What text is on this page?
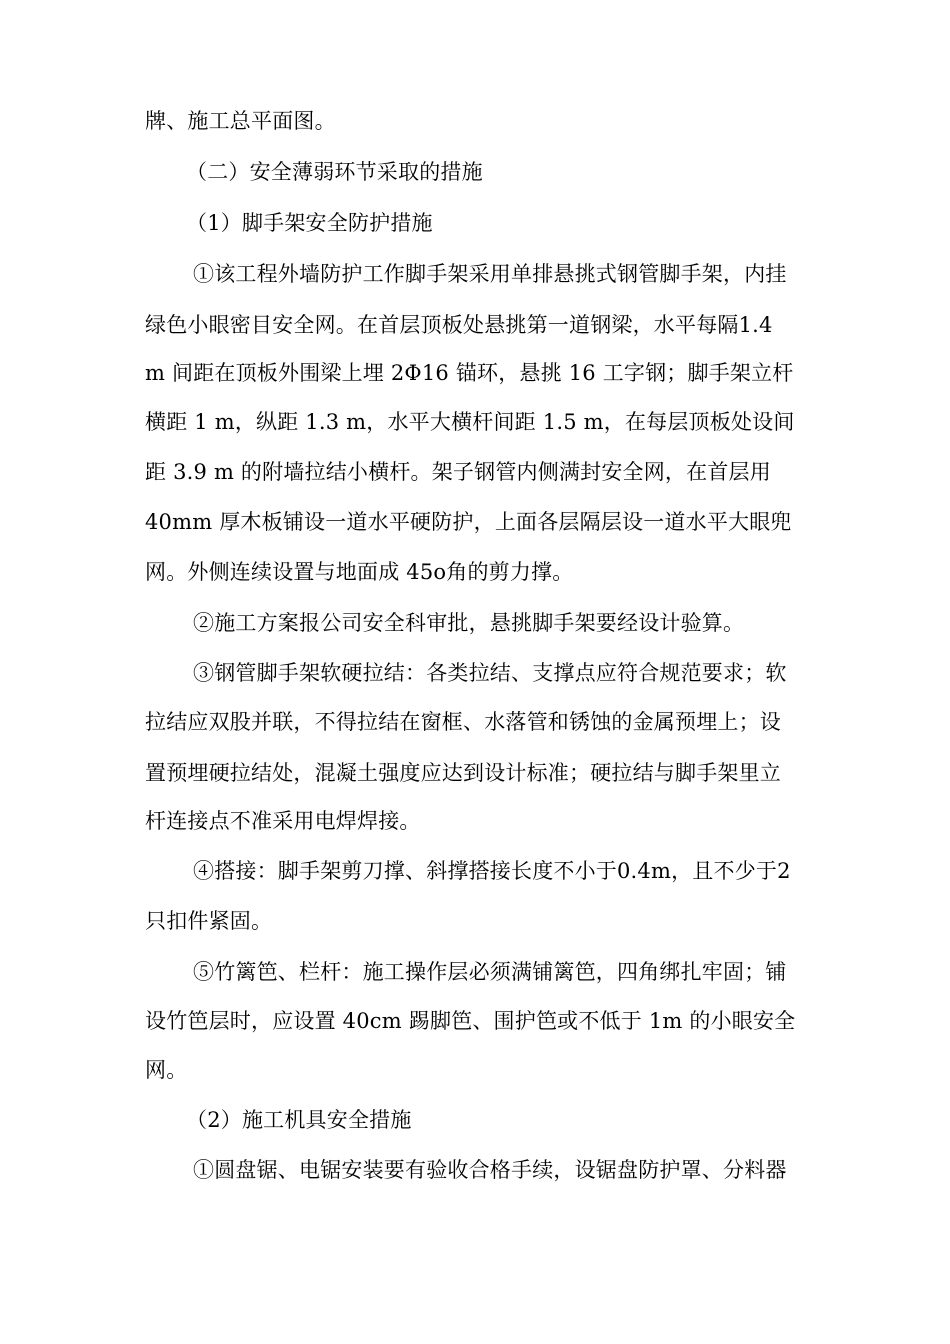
牌、施工总平面图。
（二）安全薄弱环节采取的措施
（1）脚手架安全防护措施
①该工程外墙防护工作脚手架采用单排悬挑式钢管脚手架，内挂
绿色小眼密目安全网。在首层顶板处悬挑第一道钢梁，水平每隔1.4
m 间距在顶板外围梁上埋 2Φ16 锚环，悬挑 16 工字钢；脚手架立杆
横距 1 m，纵距 1.3 m，水平大横杆间距 1.5 m，在每层顶板处设间
距 3.9 m 的附墙拉结小横杆。架子钢管内侧满封安全网，在首层用
40mm 厚木板铺设一道水平硬防护，上面各层隔层设一道水平大眼兜
网。外侧连续设置与地面成 45o角的剪力撑。
②施工方案报公司安全科审批，悬挑脚手架要经设计验算。
③钢管脚手架软硬拉结：各类拉结、支撑点应符合规范要求；软
拉结应双股并联，不得拉结在窗框、水落管和锈蚀的金属预埋上；设
置预埋硬拉结处，混凝土强度应达到设计标准；硬拉结与脚手架里立
杆连接点不准采用电焊焊接。
④搭接：脚手架剪刀撑、斜撑搭接长度不小于0.4m，且不少于2
只扣件紧固。
⑤竹篱笆、栏杆：施工操作层必须满铺篱笆，四角绑扎牢固；铺
设竹笆层时，应设置 40cm 踢脚笆、围护笆或不低于 1m 的小眼安全
网。
（2）施工机具安全措施
①圆盘锯、电锯安装要有验收合格手续，设锯盘防护罩、分料器
